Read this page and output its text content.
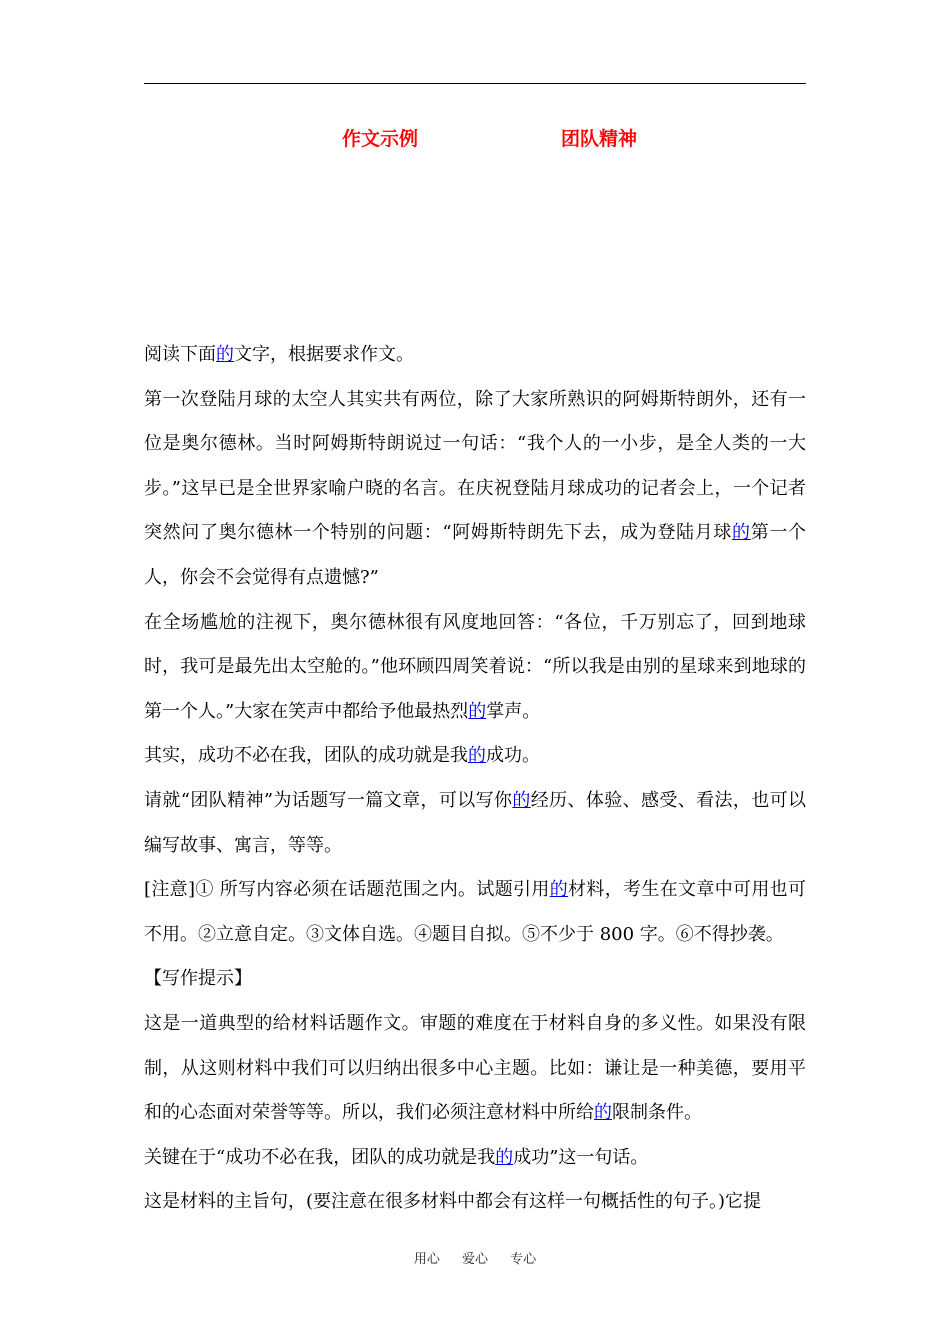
作文示例	团队精神

阅读下面的文字，根据要求作文。

第一次登陆月球的太空人其实共有两位，除了大家所熟识的阿姆斯特朗外，还有一位是奥尔德林。当时阿姆斯特朗说过一句话：“我个人的一小步，是全人类的一大步。”这早已是全世界家喻户晓的名言。在庆祝登陆月球成功的记者会上，一个记者突然问了奥尔德林一个特别的问题：“阿姆斯特朗先下去，成为登陆月球的第一个人，你会不会觉得有点遗憾?”

在全场尴尬的注视下，奥尔德林很有风度地回答：“各位，千万别忘了，回到地球时，我可是最先出太空舱的。”他环顾四周笑着说：“所以我是由别的星球来到地球的第一个人。”大家在笑声中都给予他最热烈的掌声。

其实，成功不必在我，团队的成功就是我的成功。

请就“团队精神”为话题写一篇文章，可以写你的经历、体验、感受、看法，也可以编写故事、寓言，等等。

[注意]① 所写内容必须在话题范围之内。试题引用的材料，考生在文章中可用也可不用。②立意自定。③文体自选。④题目自拟。⑤不少于 800 字。⑥不得抄袭。

【写作提示】

这是一道典型的给材料话题作文。审题的难度在于材料自身的多义性。如果没有限制，从这则材料中我们可以归纳出很多中心主题。比如：谦让是一种美德，要用平和的心态面对荣誉等等。所以，我们必须注意材料中所给的限制条件。

关键在于“成功不必在我，团队的成功就是我的成功”这一句话。

这是材料的主旨句，(要注意在很多材料中都会有这样一句概括性的句子。)它提

用心 爱心 专心
